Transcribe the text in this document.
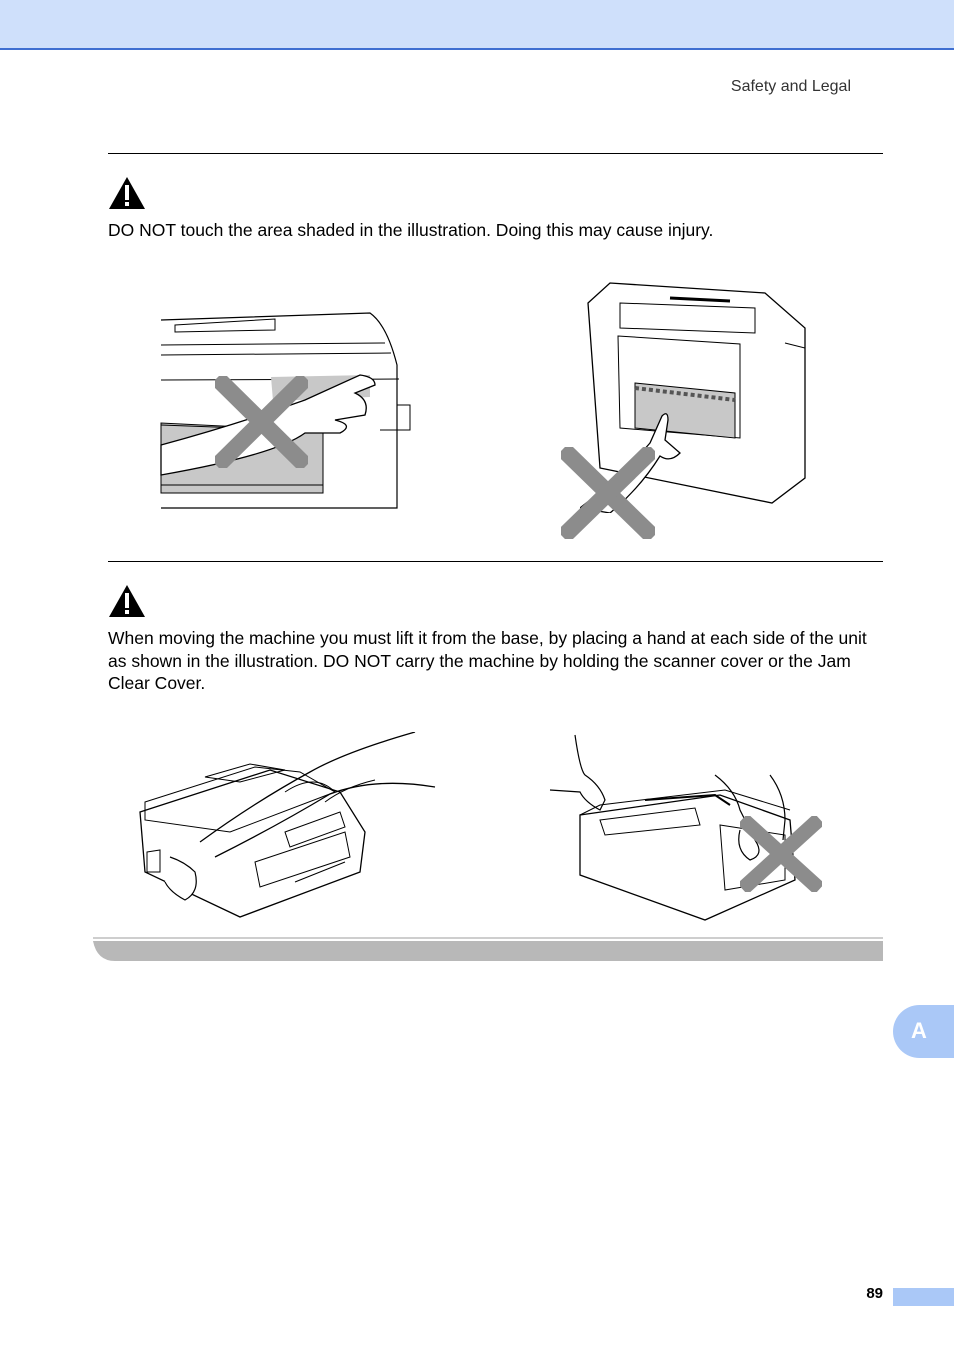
Safety and Legal
DO NOT touch the area shaded in the illustration. Doing this may cause injury.
When moving the machine you must lift it from the base, by placing a hand at each side of the unit as shown in the illustration. DO NOT carry the machine by holding the scanner cover or the Jam Clear Cover.
A
89
